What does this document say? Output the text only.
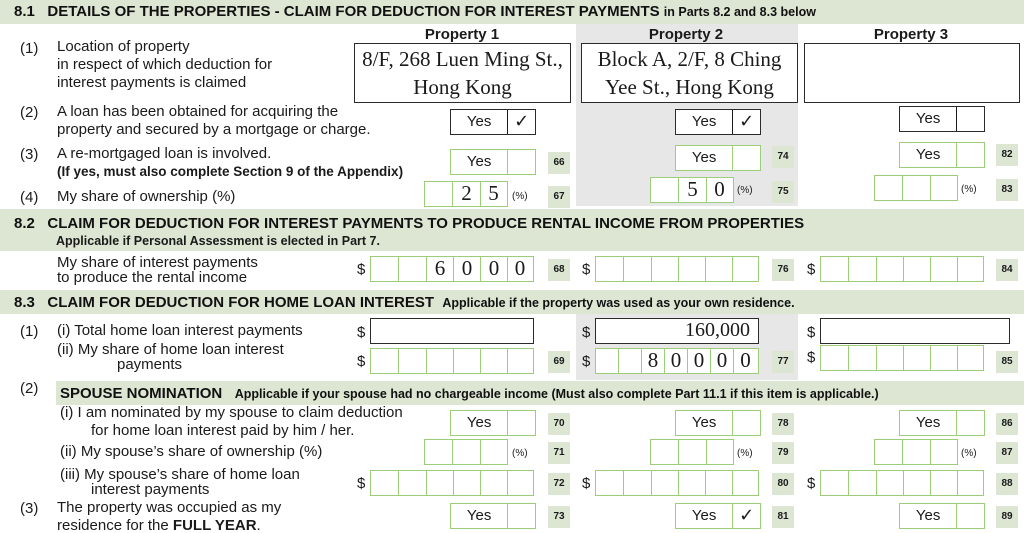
8.1 DETAILS OF THE PROPERTIES - CLAIM FOR DEDUCTION FOR INTEREST PAYMENTS in Parts 8.2 and 8.3 below
Property 1	Property 2	Property 3
(1) Location of property
in respect of which deduction for
interest payments is claimed
8/F, 268 Luen Ming St.,
Hong Kong
Block A, 2/F, 8 Ching
Yee St., Hong Kong
(2) A loan has been obtained for acquiring the
property and secured by a mortgage or charge.	Yes	✓	Yes	✓	Yes
(3) A re-mortgaged loan is involved.
(If yes, must also complete Section 9 of the Appendix)
Yes	66	Yes	74	Yes	82
(4) My share of ownership (%)	2 5	(%)	67	5 0	(%)	75	(%)	83
8.2 CLAIM FOR DEDUCTION FOR INTEREST PAYMENTS TO PRODUCE RENTAL INCOME FROM PROPERTIES
Applicable if Personal Assessment is elected in Part 7.
My share of interest payments
to produce the rental income	$	6 0 0 0	68	$	76	$	84
8.3 CLAIM FOR DEDUCTION FOR HOME LOAN INTEREST Applicable if the property was used as your own residence.
(1) (i) Total home loan interest payments	$	$	160,000	$
(ii) My share of home loan interest
payments	$	69	$	8 0 0 0 0	77	$	85
(2) SPOUSE NOMINATION Applicable if your spouse had no chargeable income (Must also complete Part 11.1 if this item is applicable.)
(i) I am nominated by my spouse to claim deduction
for home loan interest paid by him / her.	Yes	70	Yes	78	Yes	86
(ii) My spouse’s share of ownership (%)	(%)	71	(%)	79	(%)	87
(iii) My spouse’s share of home loan
interest payments	$	72	$	80	$	88
(3) The property was occupied as my
residence for the FULL YEAR.
Yes	73	Yes	✓	81	Yes	89
